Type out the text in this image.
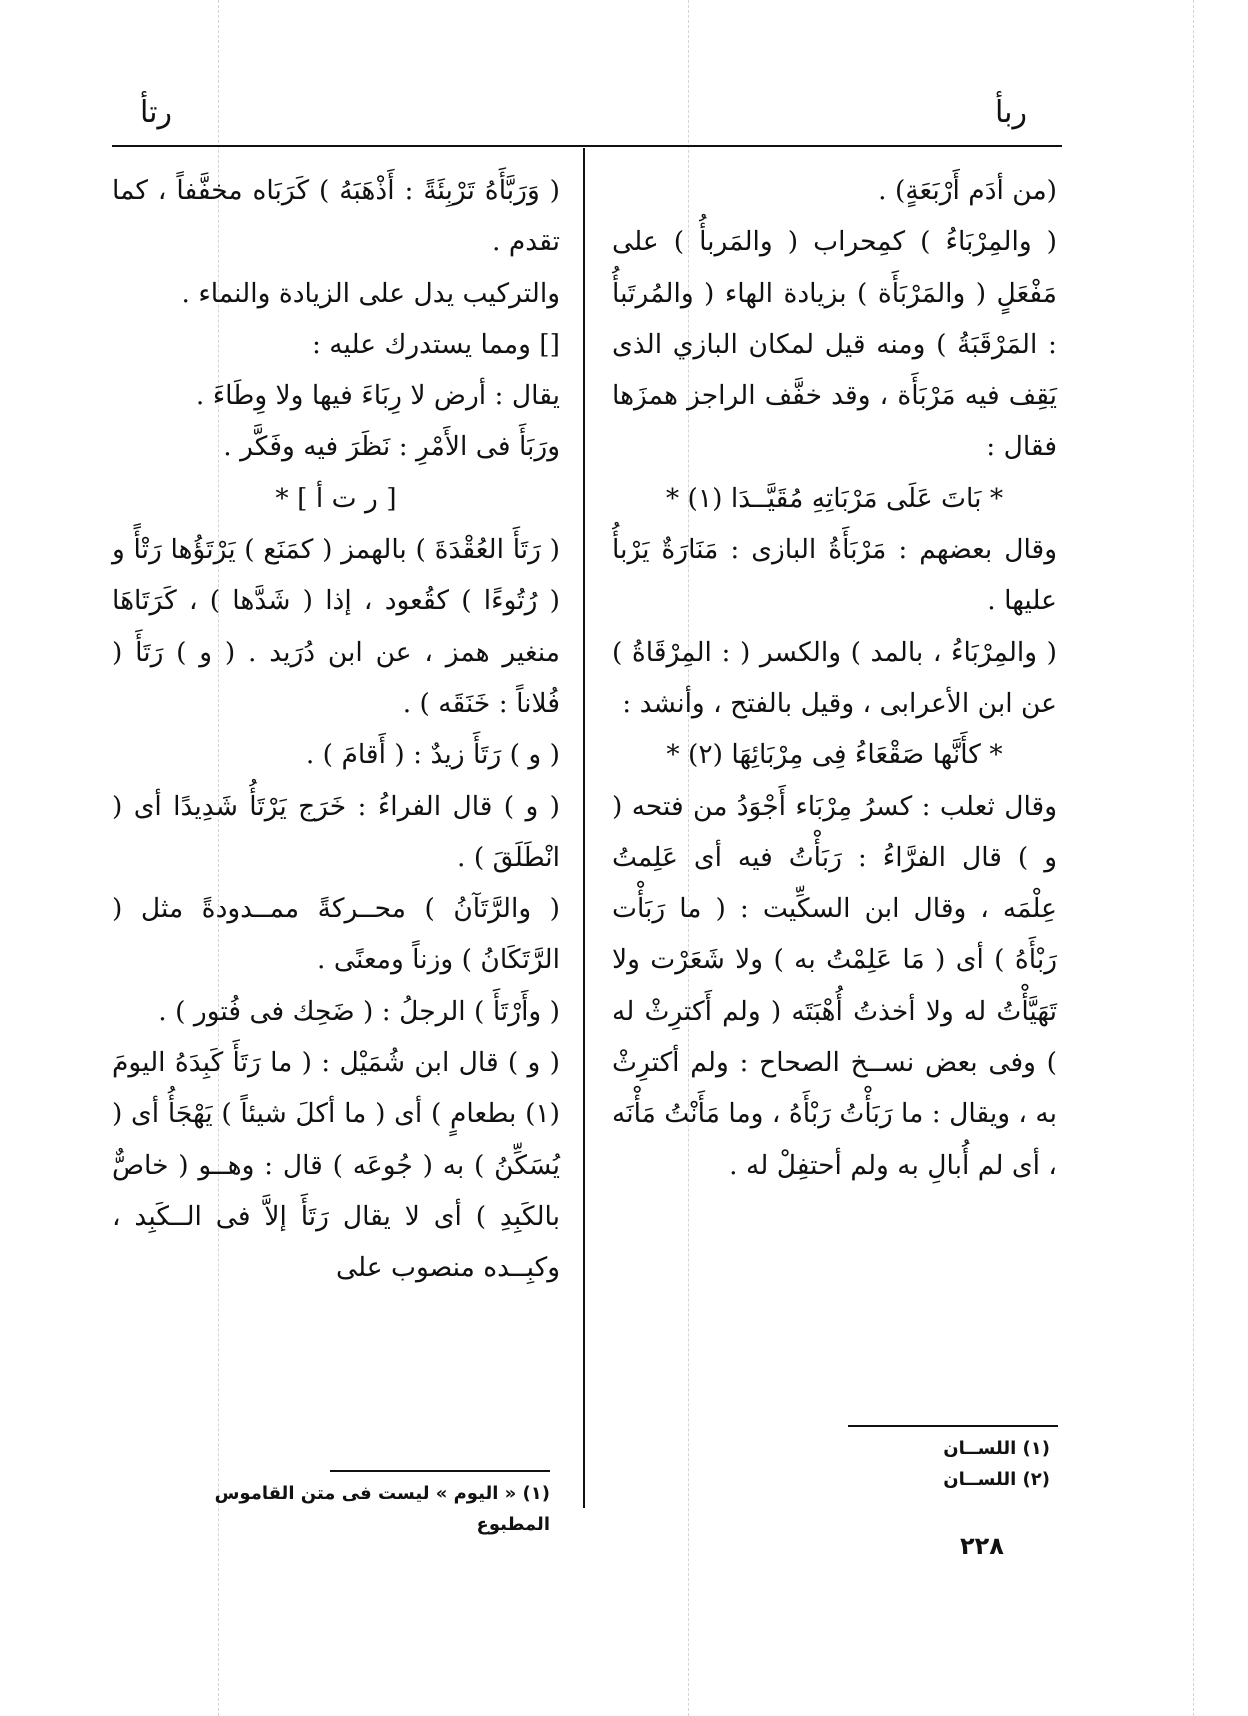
ربأ
رتأ

(من أدَم أَرْبَعَةٍ) .

( والمِرْبَاءُ ) كمِحراب ( والمَربأُ ) على مَفْعَلٍ ( والمَرْبَأَة ) بزيادة الهاء ( والمُرتَبأُ : المَرْقَبَةُ ) ومنه قيل لمكان البازي الذى يَقِف فيه مَرْبَأَة ، وقد خفَّف الراجز همزَها فقال :

* بَاتَ عَلَى مَرْبَاتِهِ مُقَيَّــدَا (١) *

وقال بعضهم : مَرْبَأَةُ البازى : مَنَارَةٌ يَرْبأُ عليها .

( والمِرْبَاءُ ، بالمد ) والكسر ( : المِرْقَاةُ ) عن ابن الأعرابى ، وقيل بالفتح ، وأنشد :

* كأَنَّها صَقْعَاءُ فِى مِرْبَائِهَا (٢) *

وقال ثعلب : كسرُ مِرْبَاء أَجْوَدُ من فتحه ( و ) قال الفرَّاءُ : رَبَأْتُ فيه أى عَلِمتُ عِلْمَه ، وقال ابن السكِّيت : ( ما رَبَأْت رَبْأَهُ ) أى ( مَا عَلِمْتُ به ) ولا شَعَرْت ولا تَهَيَّأْتُ له ولا أخذتُ أُهْبَتَه ( ولم أَكترِثْ له ) وفى بعض نســخ الصحاح : ولم أكترِثْ به ، ويقال : ما رَبَأْتُ رَبْأَهُ ، وما مَأَنْتُ مَأْنَه ، أى لم أُبالِ به ولم أحتفِلْ له .

( وَرَبَّأَهُ تَرْبِئَةً : أَذْهَبَهُ ) كَرَبَاه مخفَّفاً ، كما تقدم .

والتركيب يدل على الزيادة والنماء .

[] ومما يستدرك عليه :

يقال : أرض لا رِبَاءَ فيها ولا وِطَاءَ .

ورَبَأَ فى الأَمْرِ : نَظَرَ فيه وفَكَّر .

[ ر ت أ ] *

( رَتَأَ العُقْدَةَ ) بالهمز ( كمَنَع ) يَرْتَؤُها رَتْأً و ( رُتُوءًا ) كقُعود ، إذا ( شَدَّها ) ، كَرَتَاهَا منغير همز ، عن ابن دُرَيد . ( و ) رَتَأَ ( فُلاناً : خَنَقَه ) .

( و ) رَتَأَ زيدٌ : ( أَقامَ ) .

( و ) قال الفراءُ : خَرَج يَرْتَأُ شَدِيدًا أى ( انْطَلَقَ ) .

( والرَّتَآنُ ) محــركةً ممــدودةً مثل ( الرَّتَكَانُ ) وزناً ومعنًى .

( وأَرْتَأَ ) الرجلُ : ( ضَحِك فى فُتور ) .

( و ) قال ابن شُمَيْل : ( ما رَتَأَ كَبِدَهُ اليومَ (١) بطعامٍ ) أى ( ما أكلَ شيئاً ) يَهْجَأُ أى ( يُسَكِّنُ ) به ( جُوعَه ) قال : وهــو ( خاصٌّ بالكَبِدِ ) أى لا يقال رَتَأَ إلاَّ فى الــكَبِد ، وكبِــده منصوب على

(١) اللســان
(٢) اللســان
(١) « اليوم » ليست فى متن القاموس المطبوع
٢٢٨
